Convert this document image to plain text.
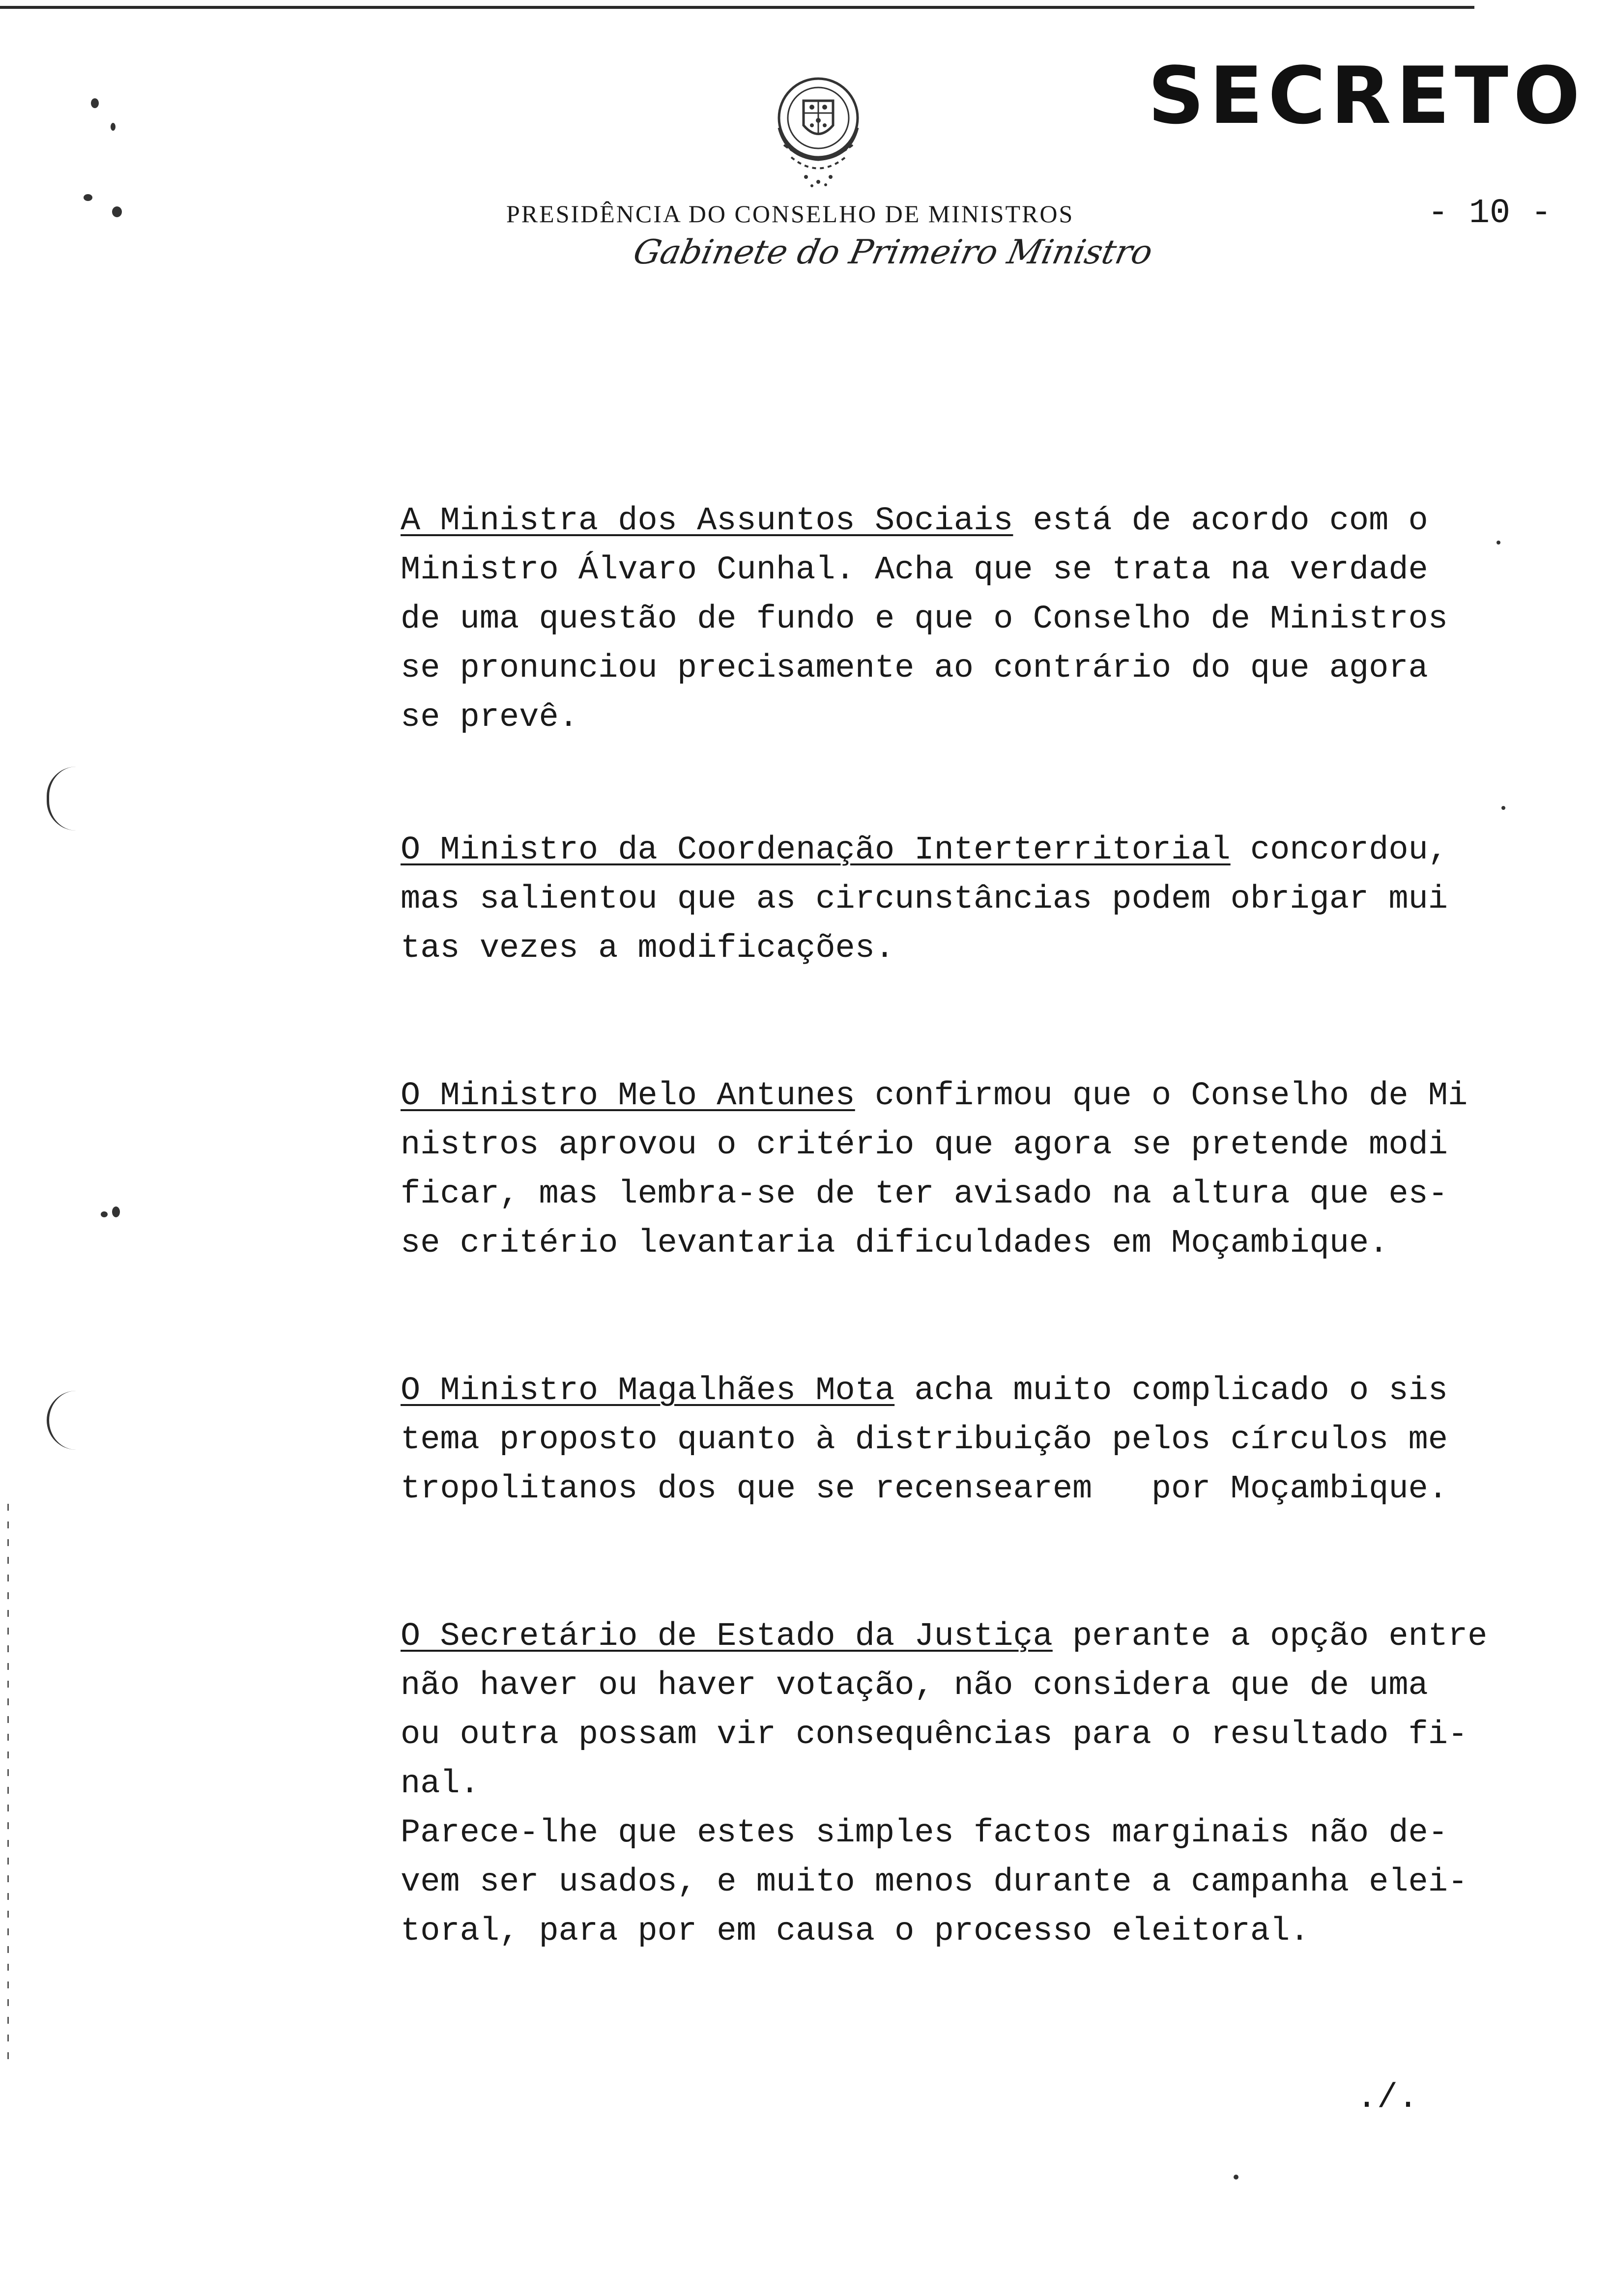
SECRETO
PRESIDÊNCIA DO CONSELHO DE MINISTROS	- 10 -
Gabinete do Primeiro Ministro

A Ministra dos Assuntos Sociais está de acordo com o
Ministro Álvaro Cunhal. Acha que se trata na verdade
de uma questão de fundo e que o Conselho de Ministros
se pronunciou precisamente ao contrário do que agora
se prevê.

O Ministro da Coordenação Interterritorial concordou,
mas salientou que as circunstâncias podem obrigar mui
tas vezes a modificações.

O Ministro Melo Antunes confirmou que o Conselho de Mi
nistros aprovou o critério que agora se pretende modi
ficar, mas lembra-se de ter avisado na altura que es-
se critério levantaria dificuldades em Moçambique.

O Ministro Magalhães Mota acha muito complicado o sis
tema proposto quanto à distribuição pelos círculos me
tropolitanos dos que se recensearem   por Moçambique.

O Secretário de Estado da Justiça perante a opção entre
não haver ou haver votação, não considera que de uma
ou outra possam vir consequências para o resultado fi-
nal.
Parece-lhe que estes simples factos marginais não de-
vem ser usados, e muito menos durante a campanha elei-
toral, para por em causa o processo eleitoral.

./.
